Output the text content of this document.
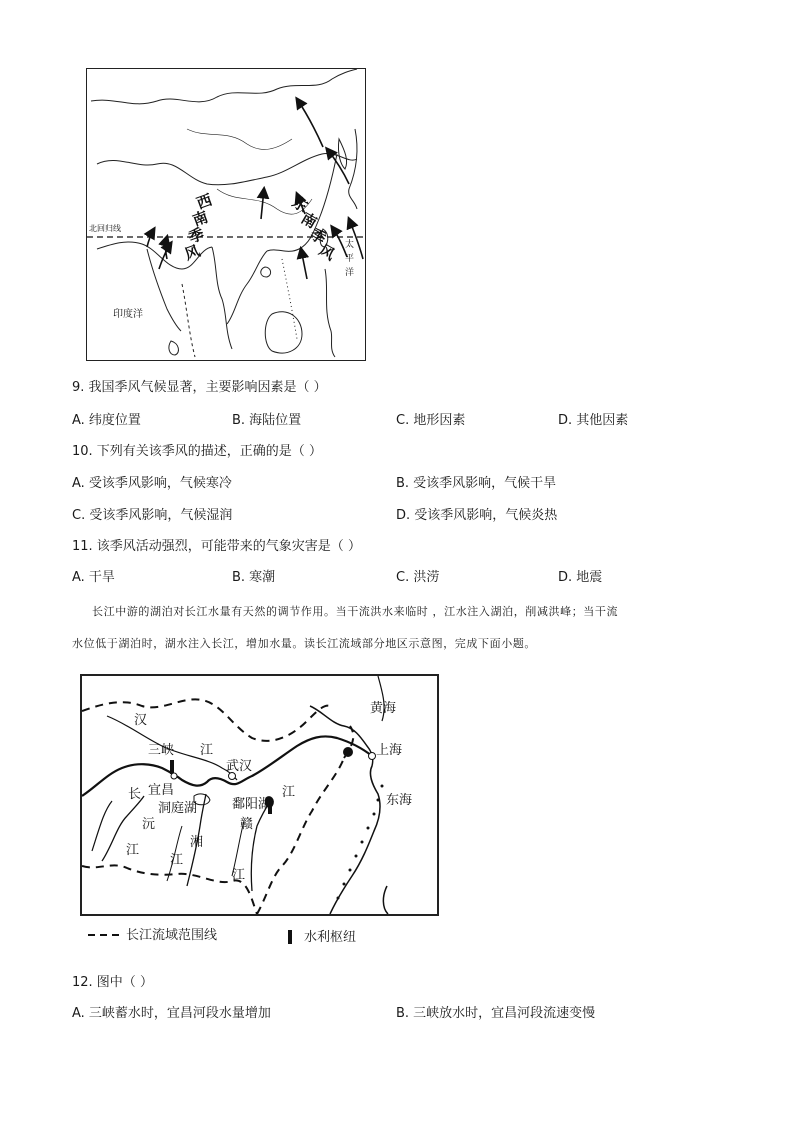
北回归线
西
南
季
风
东
南
季
风 太
平
洋
印度洋
9. 我国季风气候显著，主要影响因素是（ ）
A. 纬度位置	B. 海陆位置	C. 地形因素	D. 其他因素
10. 下列有关该季风的描述，正确的是（ ）
A. 受该季风影响，气候寒冷	B. 受该季风影响，气候干旱
C. 受该季风影响，气候湿润	D. 受该季风影响，气候炎热
11. 该季风活动强烈，可能带来的气象灾害是（ ）
A. 干旱	B. 寒潮	C. 洪涝	D. 地震
长江中游的湖泊对长江水量有天然的调节作用。当干流洪水来临时 ，江水注入湖泊，削减洪峰；当干流
水位低于湖泊时，湖水注入长江，增加水量。读长江流域部分地区示意图，完成下面小题。
黄海
汉
江
三峡
武汉
上海
宜昌
长
洞庭湖	鄱阳湖
江
东海
沅
湘
赣
江
江
江
长江流域范围线	水利枢纽
12. 图中（ ）
A. 三峡蓄水时，宜昌河段水量增加	B. 三峡放水时，宜昌河段流速变慢
